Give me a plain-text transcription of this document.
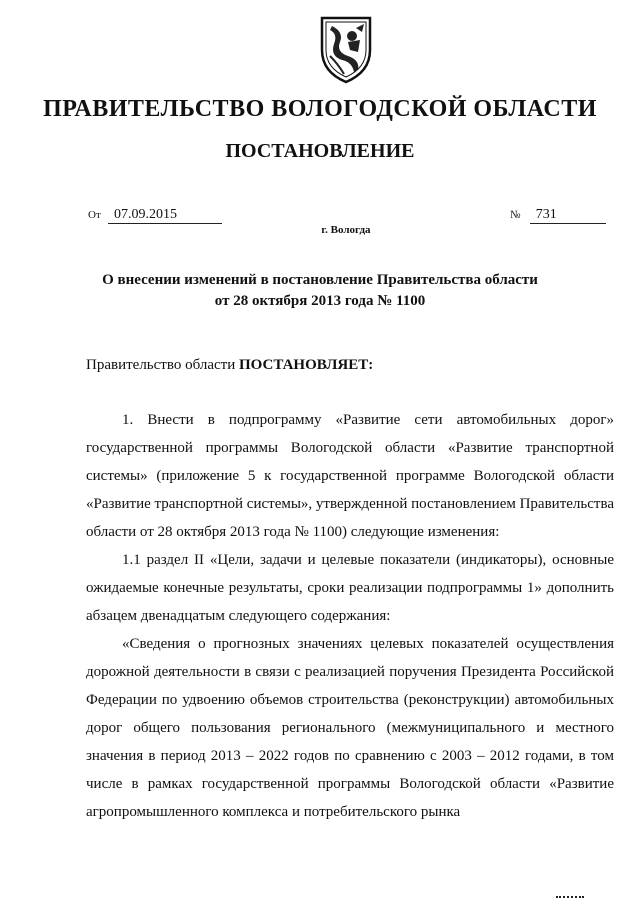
ПРАВИТЕЛЬСТВО ВОЛОГОДСКОЙ ОБЛАСТИ
ПОСТАНОВЛЕНИЕ
От 07.09.2015	№ 731
г. Вологда
О внесении изменений в постановление Правительства области
от 28 октября 2013 года № 1100
Правительство области ПОСТАНОВЛЯЕТ:

1. Внести в подпрограмму «Развитие сети автомобильных дорог» государственной программы Вологодской области «Развитие транспортной системы» (приложение 5 к государственной программе Вологодской области «Развитие транспортной системы», утвержденной постановлением Правительства области от 28 октября 2013 года № 1100) следующие изменения:

1.1 раздел II «Цели, задачи и целевые показатели (индикаторы), основные ожидаемые конечные результаты, сроки реализации подпрограммы 1» дополнить абзацем двенадцатым следующего содержания:

«Сведения о прогнозных значениях целевых показателей осуществления дорожной деятельности в связи с реализацией поручения Президента Российской Федерации по удвоению объемов строительства (реконструкции) автомобильных дорог общего пользования регионального (межмуниципального и местного значения в период 2013 – 2022 годов по сравнению с 2003 – 2012 годами, в том числе в рамках государственной программы Вологодской области «Развитие агропромышленного комплекса и потребительского рынка
